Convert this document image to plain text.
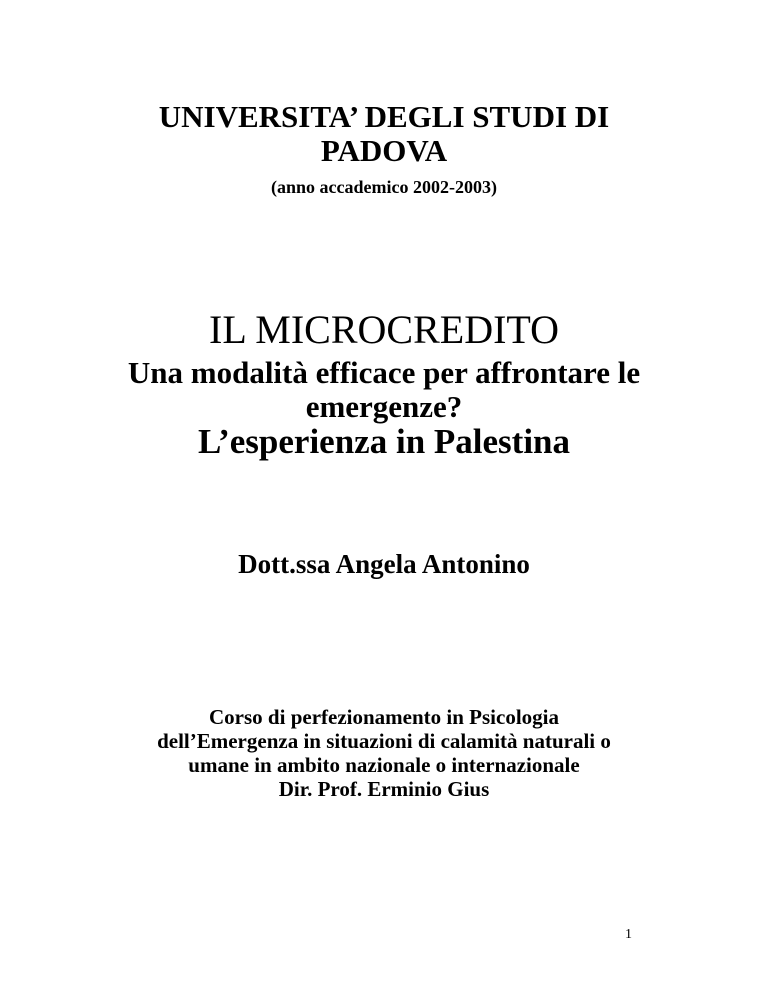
UNIVERSITA’ DEGLI STUDI DI
PADOVA
(anno accademico 2002-2003)
IL MICROCREDITO
Una modalità efficace per affrontare le
emergenze?
L’esperienza in Palestina
Dott.ssa Angela Antonino
Corso di perfezionamento in Psicologia
dell’Emergenza in situazioni di calamità naturali o
umane in ambito nazionale o internazionale
Dir. Prof. Erminio Gius
1
